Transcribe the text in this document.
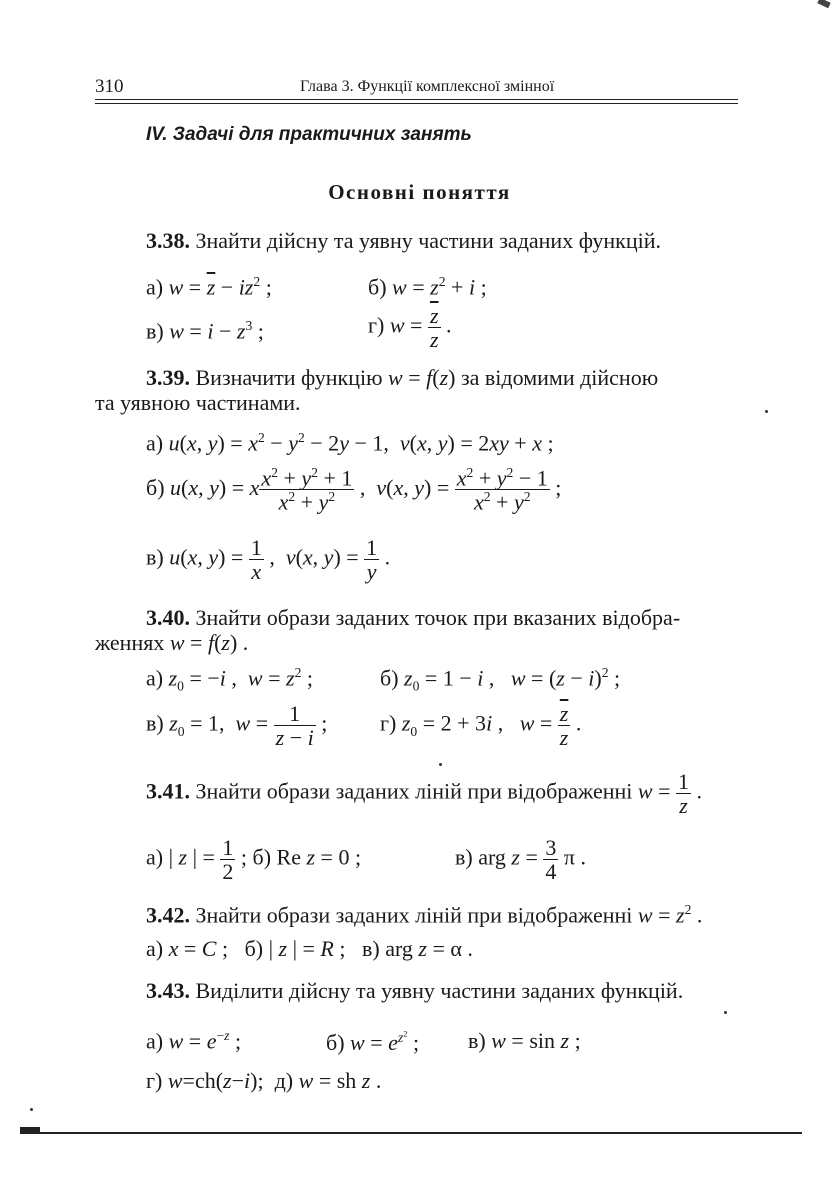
310	Глава 3. Функції комплексної змінної
IV. Задачі для практичних занять
Основні поняття
3.38. Знайти дійсну та уявну частини заданих функцій.
а) $w = \overline{z} - iz^2$ ;	б) $w = z^2 + i$ ;
в) $w = i - z^3$ ;	г) $w = \frac{\overline{z}}{z}$ .
3.39. Визначити функцію w = f(z) за відомими дійсною
та уявною частинами.
а) u(x, $y) = x^2 - y^2 - 2y - 1$,  v(x, y) = 2xy + x ;
б) u(x, y) = x $\frac{x^2 + y^2 + 1}{x^2 + y^2}$ ,  v(x, $y) = \frac{x^2 + y^2 - 1}{x^2 + y^2}$ ;
в) u(x, $y) = \frac{1}{x}$ ,  v(x, $y) = \frac{1}{y}$ .
3.40. Знайти образи заданих точок при вказаних відобра-
женнях w = f(z) .
а) $z_0 = -i$ ,  $w = z^2$ ;	б) $z_0 = 1 - i$ ,   $w = (z - i)^2$ ;
в) $z_0 = 1$,  $w = \frac{1}{z - i}$ ; г) $z_0 = 2 + 3i$ ,   $w = \frac{\overline{z}}{z}$ .
3.41. Знайти образи заданих ліній при відображенні $w = \frac{1}{z}$ .
а) | z | = $\frac{1}{2}$ ; б) Re z = 0 ;	в) arg $z = \frac{3}{4}$ π .
3.42. Знайти образи заданих ліній при відображенні $w = z^2$ .
а) x = C ;   б) | z | = R ;   в) arg z = α .
3.43. Виділити дійсну та уявну частини заданих функцій.
а) $w = e^{-z}$ ;	б) $w = e^{z^2}$ ; в) w = sin z ;
г) w=ch(z−i);  д) w = sh z .
